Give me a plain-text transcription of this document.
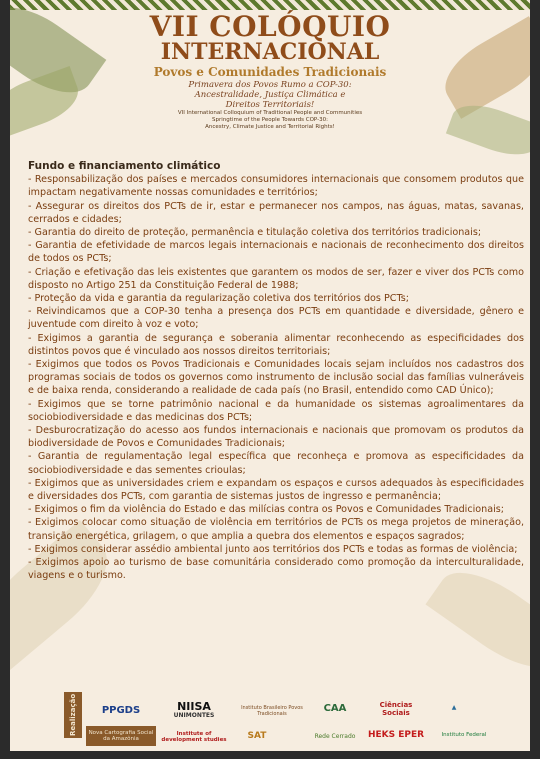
VII COLÓQUIO
INTERNACIONAL
Povos e Comunidades Tradicionais
Primavera dos Povos Rumo a COP-30:
Ancestralidade, Justiça Climática e
Direitos Territoriais!
VII International Colloquium of Traditional People and Communities
Springtime of the People Towards COP-30:
Ancestry, Climate Justice and Territorial Rights!
Fundo e financiamento climático
- Responsabilização dos países e mercados consumidores internacionais que consomem produtos que impactam negativamente nossas comunidades e territórios;
- Assegurar os direitos dos PCTs de ir, estar e permanecer nos campos, nas águas, matas, savanas, cerrados e cidades;
- Garantia do direito de proteção, permanência e titulação coletiva dos territórios tradicionais;
- Garantia de efetividade de marcos legais internacionais e nacionais de reconhecimento dos direitos de todos os PCTs;
- Criação e efetivação das leis existentes que garantem os modos de ser, fazer e viver dos PCTs como disposto no Artigo 251 da Constituição Federal de 1988;
- Proteção da vida e garantia da regularização coletiva dos territórios dos PCTs;
- Reivindicamos que a COP-30 tenha a presença dos PCTs em quantidade e diversidade, gênero e juventude com direito à voz e voto;
- Exigimos a garantia de segurança e soberania alimentar reconhecendo as especificidades dos distintos povos que é vinculado aos nossos direitos territoriais;
- Exigimos que todos os Povos Tradicionais e Comunidades locais sejam incluídos nos cadastros dos programas sociais de todos os governos como instrumento de inclusão social das famílias vulneráveis e de baixa renda, considerando a realidade de cada país (no Brasil, entendido como CAD Único);
- Exigimos que se torne patrimônio nacional e da humanidade os sistemas agroalimentares da sociobiodiversidade e das medicinas dos PCTs;
- Desburocratização do acesso aos fundos internacionais e nacionais que promovam os produtos da biodiversidade de Povos e Comunidades Tradicionais;
- Garantia de regulamentação legal específica que reconheça e promova as especificidades da sociobiodiversidade e das sementes crioulas;
- Exigimos que as universidades criem e expandam os espaços e cursos adequados às especificidades e diversidades dos PCTs, com garantia de sistemas justos de ingresso e permanência;
- Exigimos o fim da violência do Estado e das milícias contra os Povos e Comunidades Tradicionais;
- Exigimos colocar como situação de violência em territórios de PCTs os mega projetos de mineração, transição energética, grilagem, o que amplia a quebra dos elementos e espaços sagrados;
- Exigimos considerar assédio ambiental junto aos territórios dos PCTs e todas as formas de violência;
- Exigimos apoio ao turismo de base comunitária considerado como promoção da interculturalidade, viagens e o turismo.
Realização	PPGDS	NIISA
UNIMONTES
Instituto Brasileiro Povos Tradicionais
CAA	Ciências Sociais
▲
Nova Cartografia Social da Amazônia
Institute of development studies	SAT	Rede Cerrado	HEKS EPER	Instituto Federal
